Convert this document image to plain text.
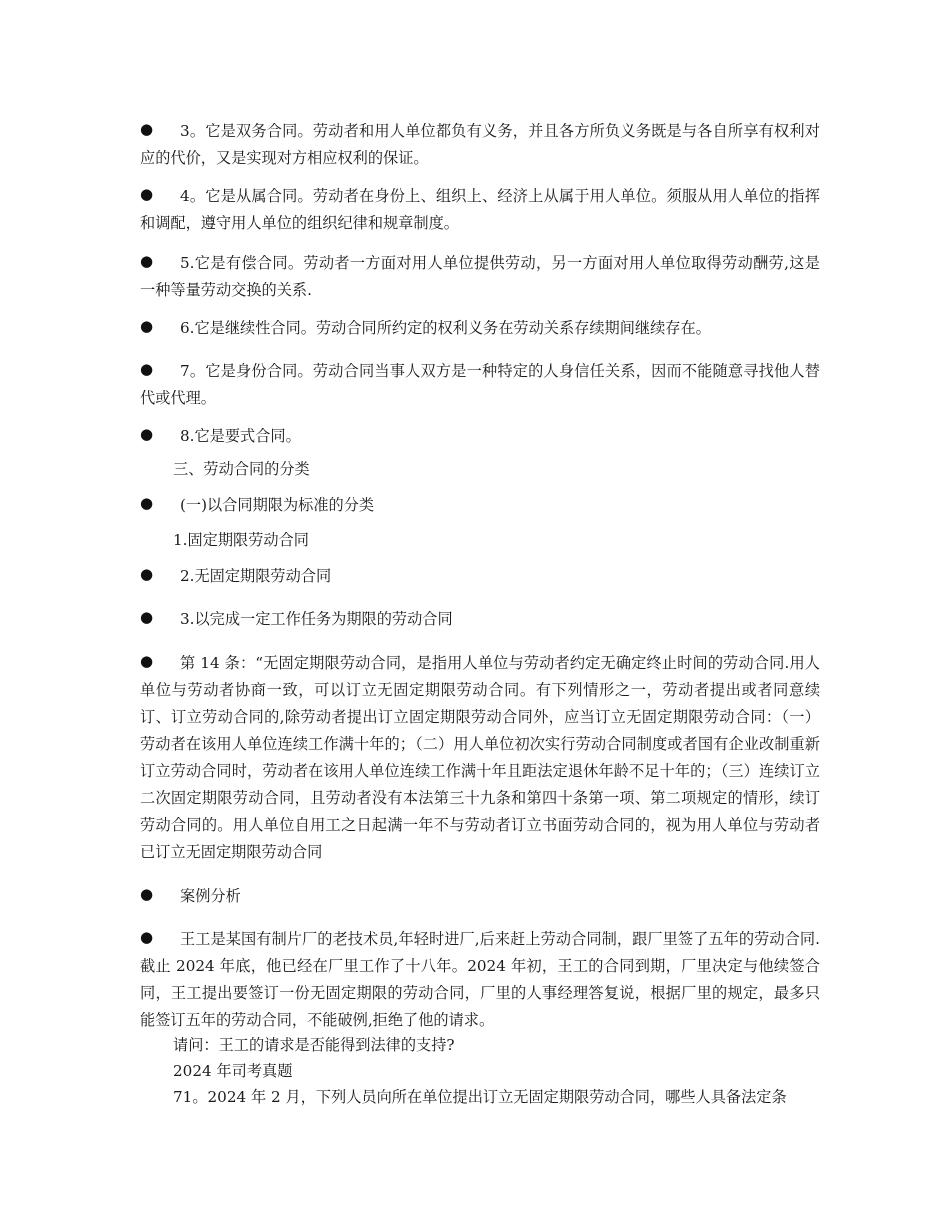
●	3。它是双务合同。劳动者和用人单位都负有义务，并且各方所负义务既是与各自所享有权利对应的代价，又是实现对方相应权利的保证。
●	4。它是从属合同。劳动者在身份上、组织上、经济上从属于用人单位。须服从用人单位的指挥和调配，遵守用人单位的组织纪律和规章制度。
●	5.它是有偿合同。劳动者一方面对用人单位提供劳动，另一方面对用人单位取得劳动酬劳,这是一种等量劳动交换的关系.
●	6.它是继续性合同。劳动合同所约定的权利义务在劳动关系存续期间继续存在。
●	7。它是身份合同。劳动合同当事人双方是一种特定的人身信任关系，因而不能随意寻找他人替代或代理。
●	8.它是要式合同。
三、劳动合同的分类
●	(一)以合同期限为标准的分类
1.固定期限劳动合同
●	2.无固定期限劳动合同
●	3.以完成一定工作任务为期限的劳动合同
●	第 14 条：“无固定期限劳动合同，是指用人单位与劳动者约定无确定终止时间的劳动合同.用人单位与劳动者协商一致，可以订立无固定期限劳动合同。有下列情形之一，劳动者提出或者同意续订、订立劳动合同的,除劳动者提出订立固定期限劳动合同外，应当订立无固定期限劳动合同：（一）劳动者在该用人单位连续工作满十年的；（二）用人单位初次实行劳动合同制度或者国有企业改制重新订立劳动合同时，劳动者在该用人单位连续工作满十年且距法定退休年龄不足十年的；（三）连续订立二次固定期限劳动合同，且劳动者没有本法第三十九条和第四十条第一项、第二项规定的情形，续订劳动合同的。用人单位自用工之日起满一年不与劳动者订立书面劳动合同的，视为用人单位与劳动者已订立无固定期限劳动合同
●	案例分析
●	王工是某国有制片厂的老技术员,年轻时进厂,后来赶上劳动合同制，跟厂里签了五年的劳动合同.截止 2024 年底，他已经在厂里工作了十八年。2024 年初，王工的合同到期，厂里决定与他续签合同，王工提出要签订一份无固定期限的劳动合同，厂里的人事经理答复说，根据厂里的规定，最多只能签订五年的劳动合同，不能破例,拒绝了他的请求。
请问：王工的请求是否能得到法律的支持?
2024 年司考真题
71。2024 年 2 月，下列人员向所在单位提出订立无固定期限劳动合同，哪些人具备法定条
